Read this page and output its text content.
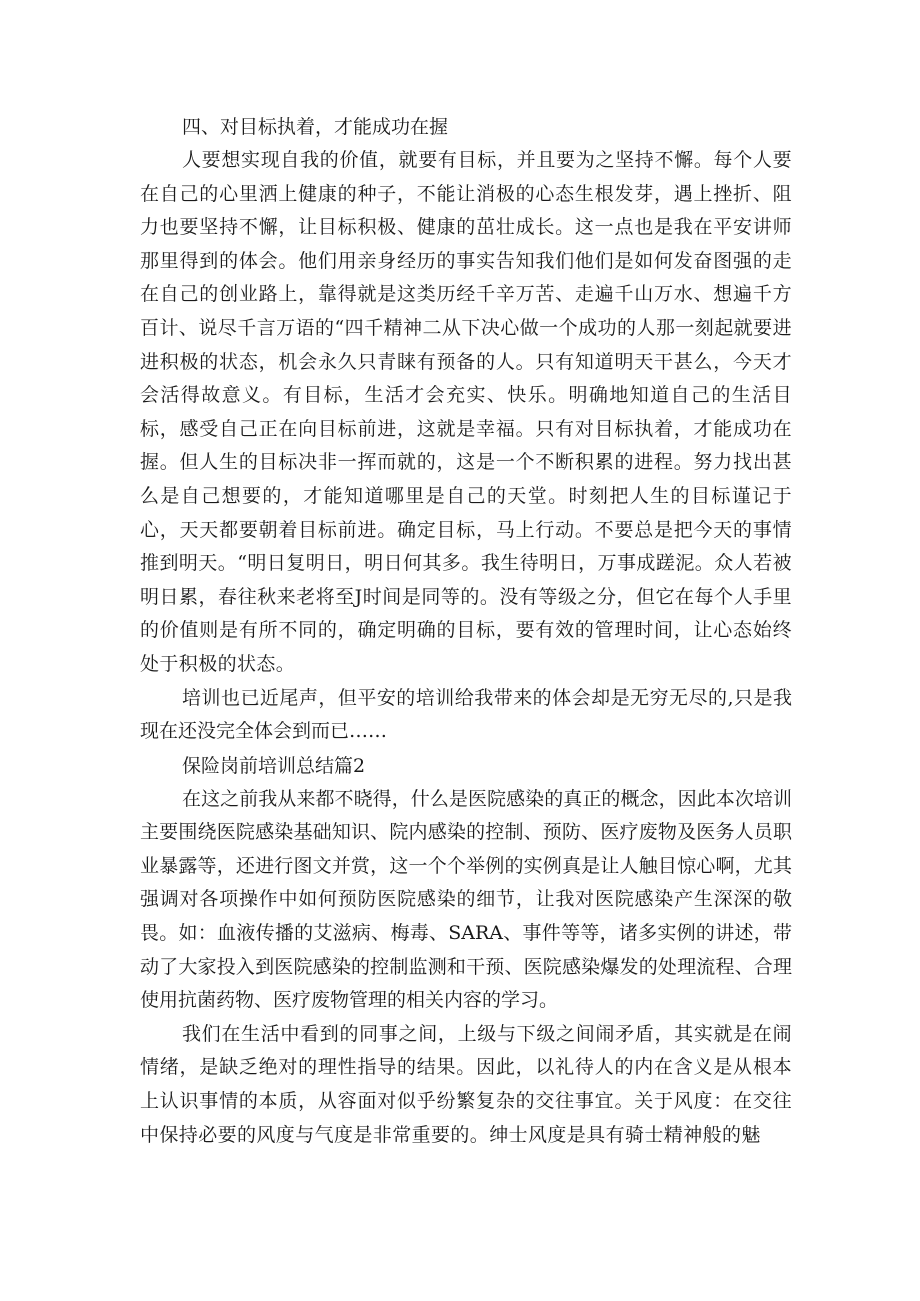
四、对目标执着，才能成功在握

人要想实现自我的价值，就要有目标，并且要为之坚持不懈。每个人要在自己的心里洒上健康的种子，不能让消极的心态生根发芽，遇上挫折、阻力也要坚持不懈，让目标积极、健康的茁壮成长。这一点也是我在平安讲师那里得到的体会。他们用亲身经历的事实告知我们他们是如何发奋图强的走在自己的创业路上，靠得就是这类历经千辛万苦、走遍千山万水、想遍千方百计、说尽千言万语的“四千精神二从下决心做一个成功的人那一刻起就要进进积极的状态，机会永久只青睐有预备的人。只有知道明天干甚么，今天才会活得故意义。有目标，生活才会充实、快乐。明确地知道自己的生活目标，感受自己正在向目标前进，这就是幸福。只有对目标执着，才能成功在握。但人生的目标决非一挥而就的，这是一个不断积累的进程。努力找出甚么是自己想要的，才能知道哪里是自己的天堂。时刻把人生的目标谨记于心，天天都要朝着目标前进。确定目标，马上行动。不要总是把今天的事情推到明天。“明日复明日，明日何其多。我生待明日，万事成蹉泥。众人若被明日累，春往秋来老将至J时间是同等的。没有等级之分，但它在每个人手里的价值则是有所不同的，确定明确的目标，要有效的管理时间，让心态始终处于积极的状态。

培训也已近尾声，但平安的培训给我带来的体会却是无穷无尽的,只是我现在还没完全体会到而已……

保险岗前培训总结篇2

在这之前我从来都不晓得，什么是医院感染的真正的概念，因此本次培训主要围绕医院感染基础知识、院内感染的控制、预防、医疗废物及医务人员职业暴露等，还进行图文并赏，这一个个举例的实例真是让人触目惊心啊，尤其强调对各项操作中如何预防医院感染的细节，让我对医院感染产生深深的敬畏。如：血液传播的艾滋病、梅毒、SARA、事件等等，诸多实例的讲述，带动了大家投入到医院感染的控制监测和干预、医院感染爆发的处理流程、合理使用抗菌药物、医疗废物管理的相关内容的学习。

我们在生活中看到的同事之间，上级与下级之间闹矛盾，其实就是在闹情绪，是缺乏绝对的理性指导的结果。因此，以礼待人的内在含义是从根本上认识事情的本质，从容面对似乎纷繁复杂的交往事宜。关于风度：在交往中保持必要的风度与气度是非常重要的。绅士风度是具有骑士精神般的魅
